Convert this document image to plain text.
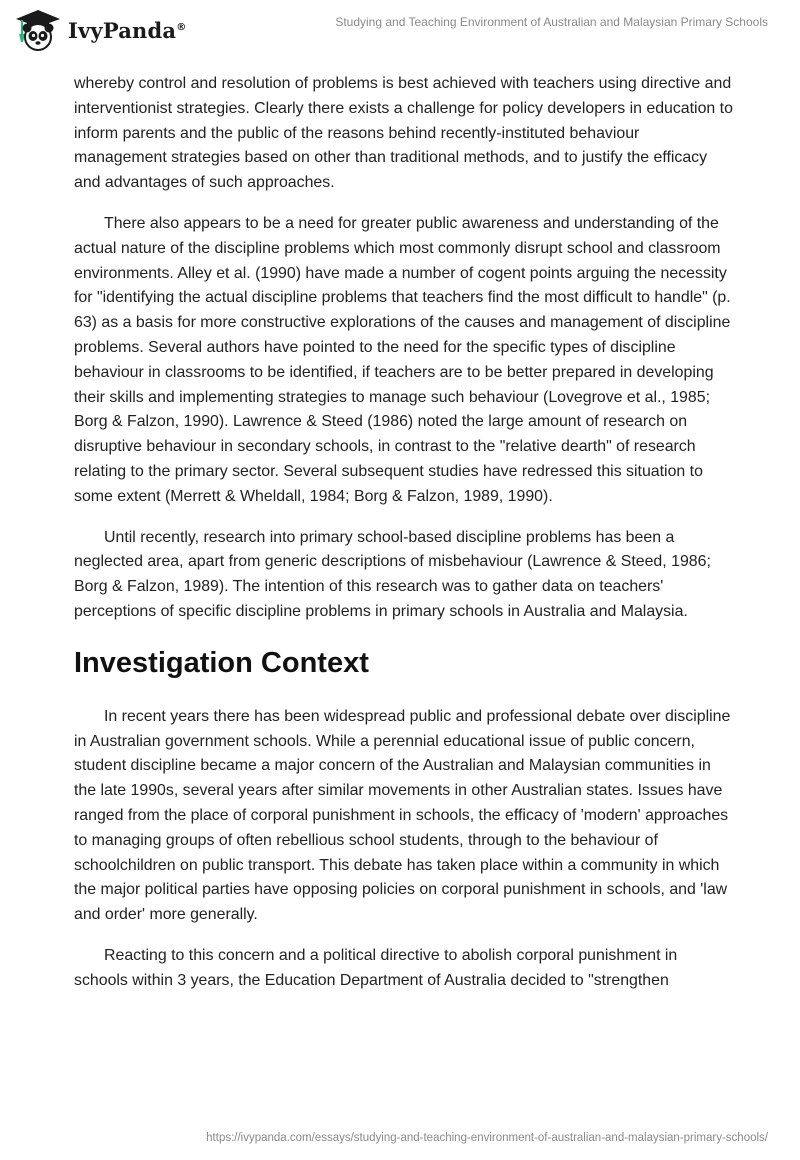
IvyPanda®	Studying and Teaching Environment of Australian and Malaysian Primary Schools

whereby control and resolution of problems is best achieved with teachers using directive and interventionist strategies. Clearly there exists a challenge for policy developers in education to inform parents and the public of the reasons behind recently-instituted behaviour management strategies based on other than traditional methods, and to justify the efficacy and advantages of such approaches.

There also appears to be a need for greater public awareness and understanding of the actual nature of the discipline problems which most commonly disrupt school and classroom environments. Alley et al. (1990) have made a number of cogent points arguing the necessity for "identifying the actual discipline problems that teachers find the most difficult to handle" (p. 63) as a basis for more constructive explorations of the causes and management of discipline problems. Several authors have pointed to the need for the specific types of discipline behaviour in classrooms to be identified, if teachers are to be better prepared in developing their skills and implementing strategies to manage such behaviour (Lovegrove et al., 1985; Borg & Falzon, 1990). Lawrence & Steed (1986) noted the large amount of research on disruptive behaviour in secondary schools, in contrast to the "relative dearth" of research relating to the primary sector. Several subsequent studies have redressed this situation to some extent (Merrett & Wheldall, 1984; Borg & Falzon, 1989, 1990).

Until recently, research into primary school-based discipline problems has been a neglected area, apart from generic descriptions of misbehaviour (Lawrence & Steed, 1986; Borg & Falzon, 1989). The intention of this research was to gather data on teachers' perceptions of specific discipline problems in primary schools in Australia and Malaysia.

Investigation Context

In recent years there has been widespread public and professional debate over discipline in Australian government schools. While a perennial educational issue of public concern, student discipline became a major concern of the Australian and Malaysian communities in the late 1990s, several years after similar movements in other Australian states. Issues have ranged from the place of corporal punishment in schools, the efficacy of 'modern' approaches to managing groups of often rebellious school students, through to the behaviour of schoolchildren on public transport. This debate has taken place within a community in which the major political parties have opposing policies on corporal punishment in schools, and 'law and order' more generally.

Reacting to this concern and a political directive to abolish corporal punishment in schools within 3 years, the Education Department of Australia decided to "strengthen

https://ivypanda.com/essays/studying-and-teaching-environment-of-australian-and-malaysian-primary-schools/
